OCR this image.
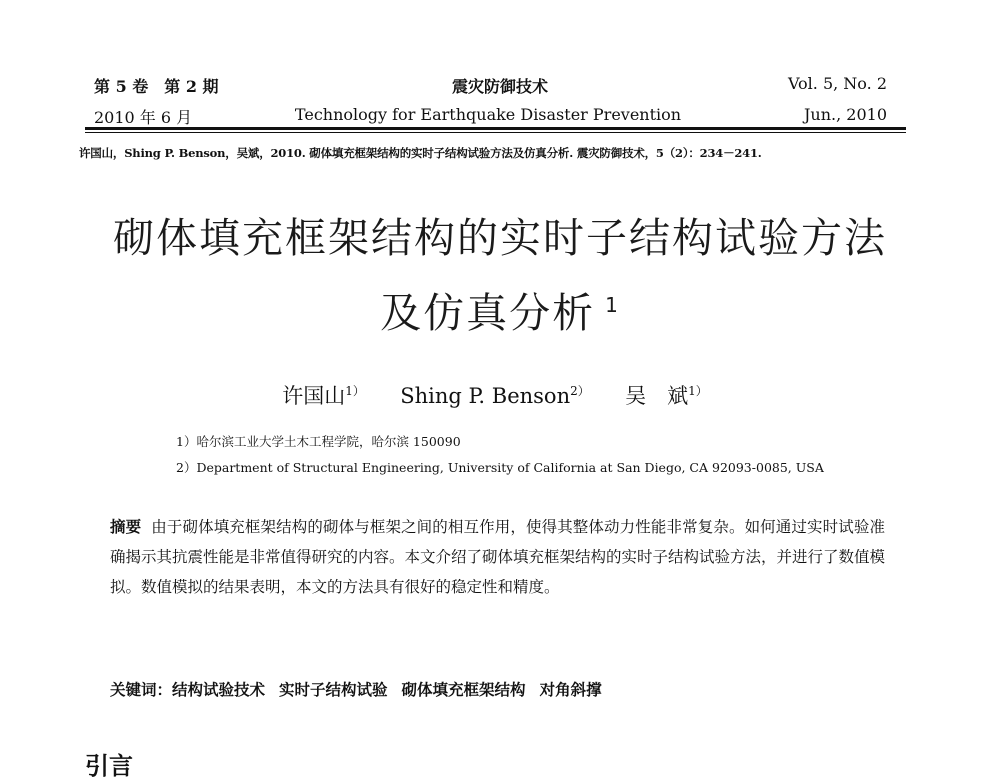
第 5 卷　第 2 期	震灾防御技术	Vol. 5, No. 2
2010 年 6 月	Technology for Earthquake Disaster Prevention	Jun., 2010
许国山，Shing P. Benson，吴斌，2010. 砌体填充框架结构的实时子结构试验方法及仿真分析. 震灾防御技术，5（2）：234－241.
砌体填充框架结构的实时子结构试验方法
及仿真分析 $^1$
许国山$^{1)}$ Shing P. Benson$^{2)}$ 吴　斌$^{1)}$
1）哈尔滨工业大学土木工程学院，哈尔滨 150090
2）Department of Structural Engineering, University of California at San Diego, CA 92093-0085, USA
摘要 由于砌体填充框架结构的砌体与框架之间的相互作用，使得其整体动力性能非常复杂。如何通过实时试验准确揭示其抗震性能是非常值得研究的内容。本文介绍了砌体填充框架结构的实时子结构试验方法，并进行了数值模拟。数值模拟的结果表明，本文的方法具有很好的稳定性和精度。
关键词：结构试验技术 实时子结构试验 砌体填充框架结构 对角斜撑
引言
